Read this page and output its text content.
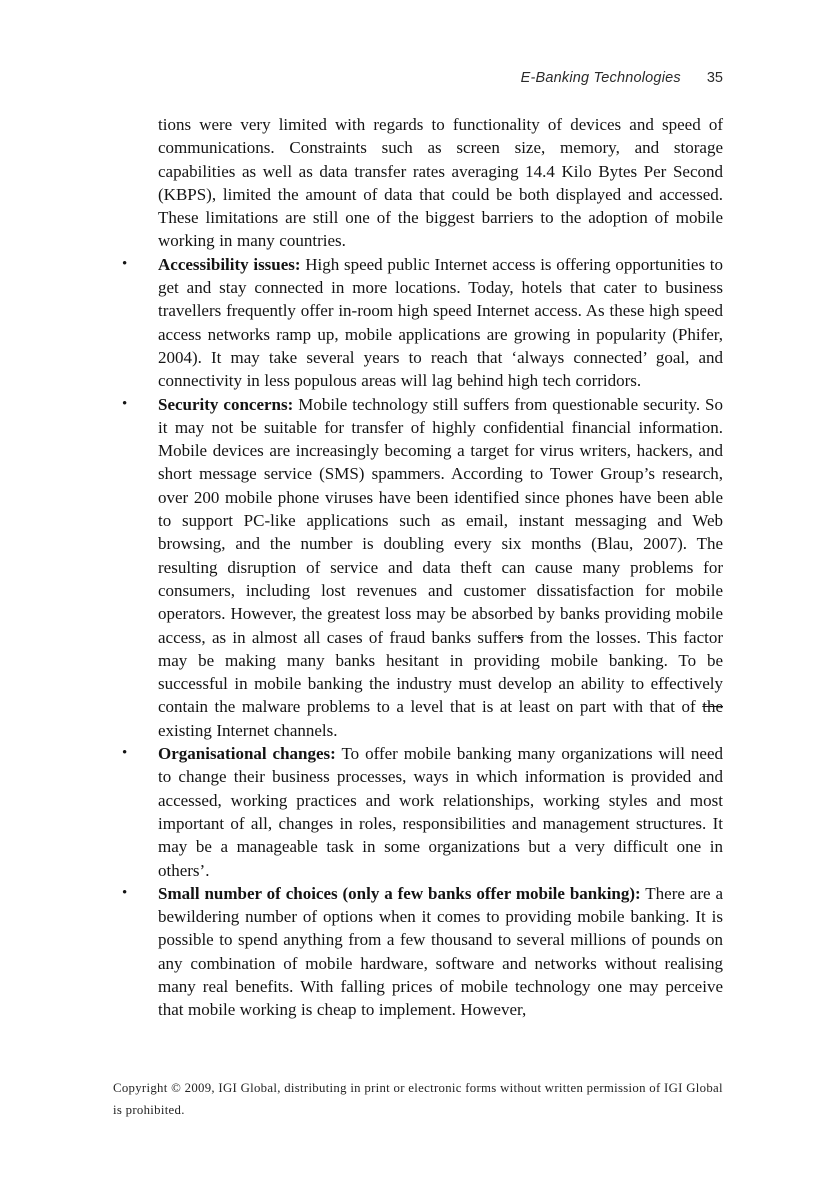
E-Banking Technologies 35

tions were very limited with regards to functionality of devices and speed of communications. Constraints such as screen size, memory, and storage capabilities as well as data transfer rates averaging 14.4 Kilo Bytes Per Second (KBPS), limited the amount of data that could be both displayed and accessed. These limitations are still one of the biggest barriers to the adoption of mobile working in many countries.

• Accessibility issues: High speed public Internet access is offering opportunities to get and stay connected in more locations. Today, hotels that cater to business travellers frequently offer in-room high speed Internet access. As these high speed access networks ramp up, mobile applications are growing in popularity (Phifer, 2004). It may take several years to reach that ‘always connected’ goal, and connectivity in less populous areas will lag behind high tech corridors.
• Security concerns: Mobile technology still suffers from questionable security. So it may not be suitable for transfer of highly confidential financial information. Mobile devices are increasingly becoming a target for virus writers, hackers, and short message service (SMS) spammers. According to Tower Group’s research, over 200 mobile phone viruses have been identified since phones have been able to support PC-like applications such as email, instant messaging and Web browsing, and the number is doubling every six months (Blau, 2007). The resulting disruption of service and data theft can cause many problems for consumers, including lost revenues and customer dissatisfaction for mobile operators. However, the greatest loss may be absorbed by banks providing mobile access, as in almost all cases of fraud banks suffers from the losses. This factor may be making many banks hesitant in providing mobile banking. To be successful in mobile banking the industry must develop an ability to effectively contain the malware problems to a level that is at least on part with that of the existing Internet channels.
• Organisational changes: To offer mobile banking many organizations will need to change their business processes, ways in which information is provided and accessed, working practices and work relationships, working styles and most important of all, changes in roles, responsibilities and management structures. It may be a manageable task in some organizations but a very difficult one in others’.
• Small number of choices (only a few banks offer mobile banking): There are a bewildering number of options when it comes to providing mobile banking. It is possible to spend anything from a few thousand to several millions of pounds on any combination of mobile hardware, software and networks without realising many real benefits. With falling prices of mobile technology one may perceive that mobile working is cheap to implement. However,
Copyright © 2009, IGI Global, distributing in print or electronic forms without written permission of IGI Global is prohibited.
